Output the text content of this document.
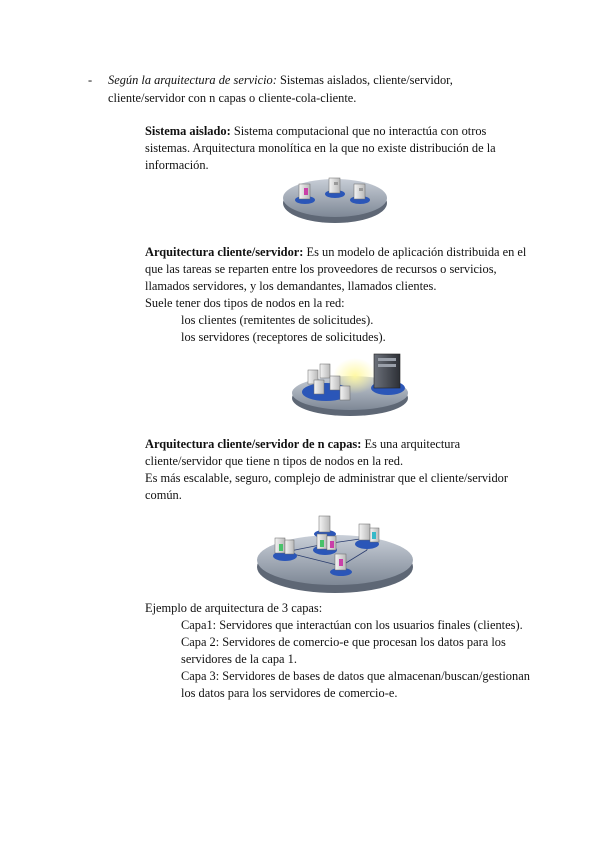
- Según la arquitectura de servicio: Sistemas aislados, cliente/servidor,
cliente/servidor con n capas o cliente-cola-cliente.
Sistema aislado: Sistema computacional que no interactúa con otros
sistemas. Arquitectura monolítica en la que no existe distribución de la
información.
Arquitectura cliente/servidor: Es un modelo de aplicación distribuida en el
que las tareas se reparten entre los proveedores de recursos o servicios,
llamados servidores, y los demandantes, llamados clientes.
Suele tener dos tipos de nodos en la red:
los clientes (remitentes de solicitudes).
los servidores (receptores de solicitudes).
Arquitectura cliente/servidor de n capas: Es una arquitectura
cliente/servidor que tiene n tipos de nodos en la red.
Es más escalable, seguro, complejo de administrar que el cliente/servidor
común.
Ejemplo de arquitectura de 3 capas:
Capa1: Servidores que interactúan con los usuarios finales (clientes).
Capa 2: Servidores de comercio-e que procesan los datos para los
servidores de la capa 1.
Capa 3: Servidores de bases de datos que almacenan/buscan/gestionan
los datos para los servidores de comercio-e.
